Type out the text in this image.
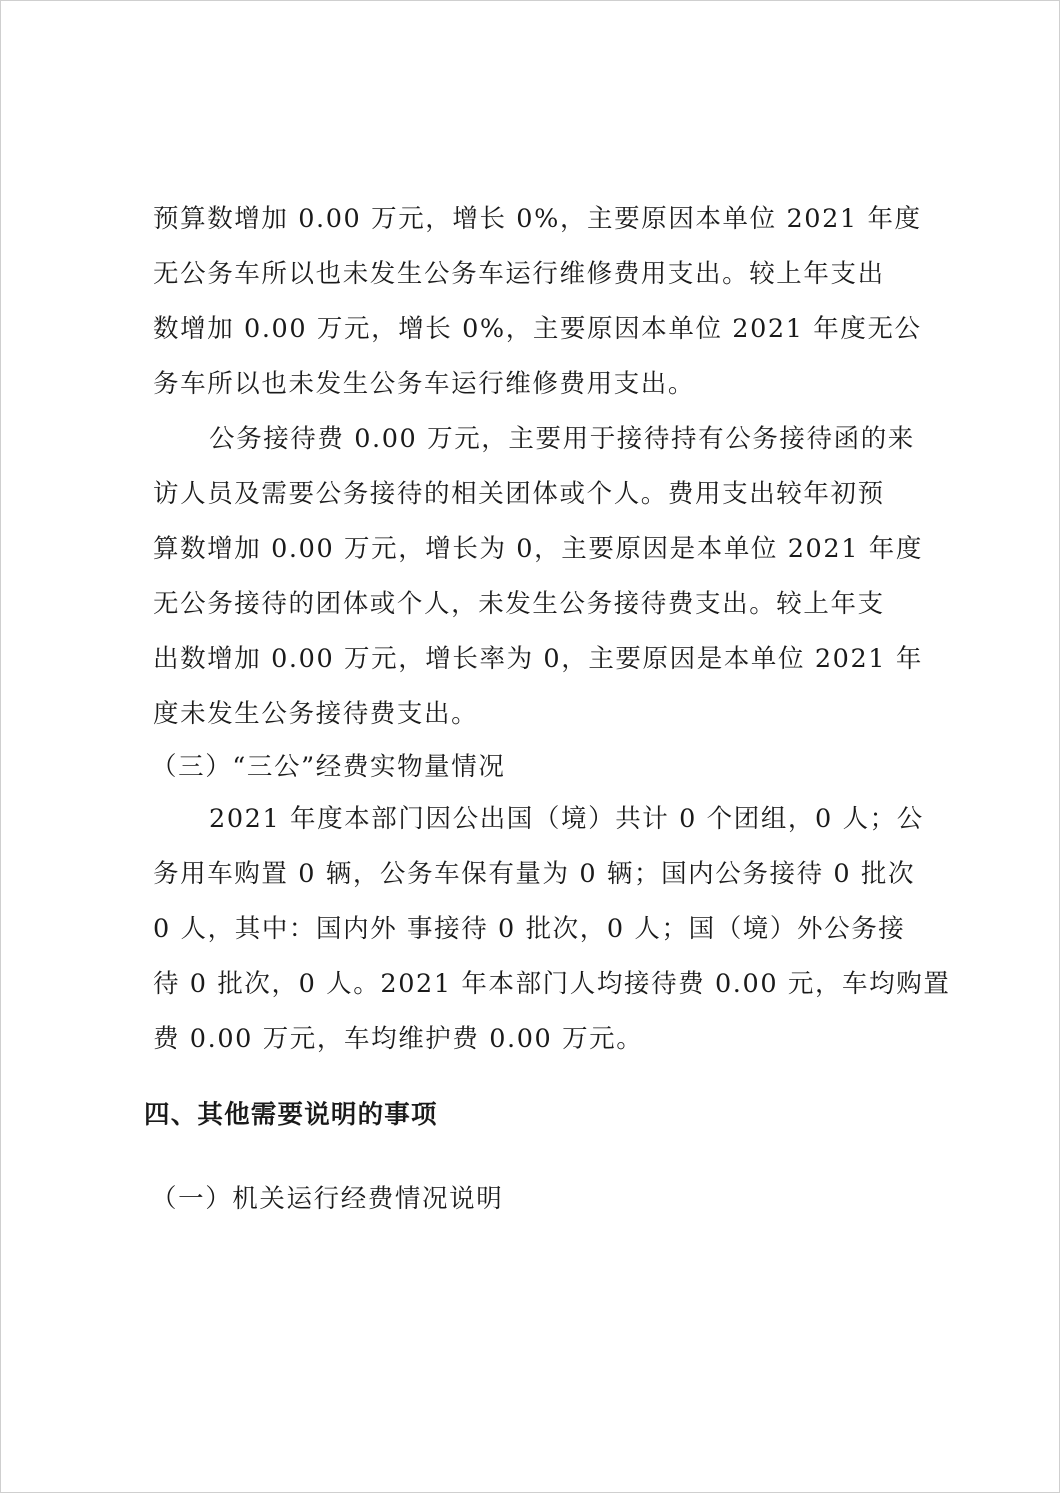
预算数增加 0.00 万元，增长 0%，主要原因本单位 2021 年度
无公务车所以也未发生公务车运行维修费用支出。较上年支出
数增加 0.00 万元，增长 0%，主要原因本单位 2021 年度无公
务车所以也未发生公务车运行维修费用支出。
公务接待费 0.00 万元，主要用于接待持有公务接待函的来
访人员及需要公务接待的相关团体或个人。费用支出较年初预
算数增加 0.00 万元，增长为 0，主要原因是本单位 2021 年度
无公务接待的团体或个人，未发生公务接待费支出。较上年支
出数增加 0.00 万元，增长率为 0，主要原因是本单位 2021 年
度未发生公务接待费支出。
（三）“三公”经费实物量情况
2021 年度本部门因公出国（境）共计 0 个团组，0 人；公
务用车购置 0 辆，公务车保有量为 0 辆；国内公务接待 0 批次
0 人，其中：国内外 事接待 0 批次，0 人；国（境）外公务接
待 0 批次，0 人。2021 年本部门人均接待费 0.00 元，车均购置
费 0.00 万元，车均维护费 0.00 万元。
四、其他需要说明的事项
（一）机关运行经费情况说明
